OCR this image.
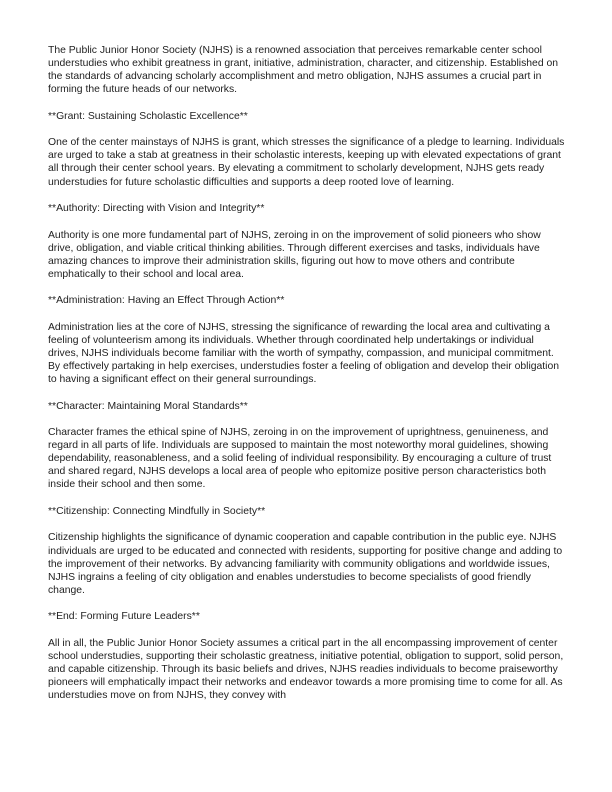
The Public Junior Honor Society (NJHS) is a renowned association that perceives remarkable center school understudies who exhibit greatness in grant, initiative, administration, character, and citizenship. Established on the standards of advancing scholarly accomplishment and metro obligation, NJHS assumes a crucial part in forming the future heads of our networks.

**Grant: Sustaining Scholastic Excellence**

One of the center mainstays of NJHS is grant, which stresses the significance of a pledge to learning. Individuals are urged to take a stab at greatness in their scholastic interests, keeping up with elevated expectations of grant all through their center school years. By elevating a commitment to scholarly development, NJHS gets ready understudies for future scholastic difficulties and supports a deep rooted love of learning.

**Authority: Directing with Vision and Integrity**

Authority is one more fundamental part of NJHS, zeroing in on the improvement of solid pioneers who show drive, obligation, and viable critical thinking abilities. Through different exercises and tasks, individuals have amazing chances to improve their administration skills, figuring out how to move others and contribute emphatically to their school and local area.

**Administration: Having an Effect Through Action**

Administration lies at the core of NJHS, stressing the significance of rewarding the local area and cultivating a feeling of volunteerism among its individuals. Whether through coordinated help undertakings or individual drives, NJHS individuals become familiar with the worth of sympathy, compassion, and municipal commitment. By effectively partaking in help exercises, understudies foster a feeling of obligation and develop their obligation to having a significant effect on their general surroundings.

**Character: Maintaining Moral Standards**

Character frames the ethical spine of NJHS, zeroing in on the improvement of uprightness, genuineness, and regard in all parts of life. Individuals are supposed to maintain the most noteworthy moral guidelines, showing dependability, reasonableness, and a solid feeling of individual responsibility. By encouraging a culture of trust and shared regard, NJHS develops a local area of people who epitomize positive person characteristics both inside their school and then some.

**Citizenship: Connecting Mindfully in Society**

Citizenship highlights the significance of dynamic cooperation and capable contribution in the public eye. NJHS individuals are urged to be educated and connected with residents, supporting for positive change and adding to the improvement of their networks. By advancing familiarity with community obligations and worldwide issues, NJHS ingrains a feeling of city obligation and enables understudies to become specialists of good friendly change.

**End: Forming Future Leaders**

All in all, the Public Junior Honor Society assumes a critical part in the all encompassing improvement of center school understudies, supporting their scholastic greatness, initiative potential, obligation to support, solid person, and capable citizenship. Through its basic beliefs and drives, NJHS readies individuals to become praiseworthy pioneers will emphatically impact their networks and endeavor towards a more promising time to come for all. As understudies move on from NJHS, they convey with
